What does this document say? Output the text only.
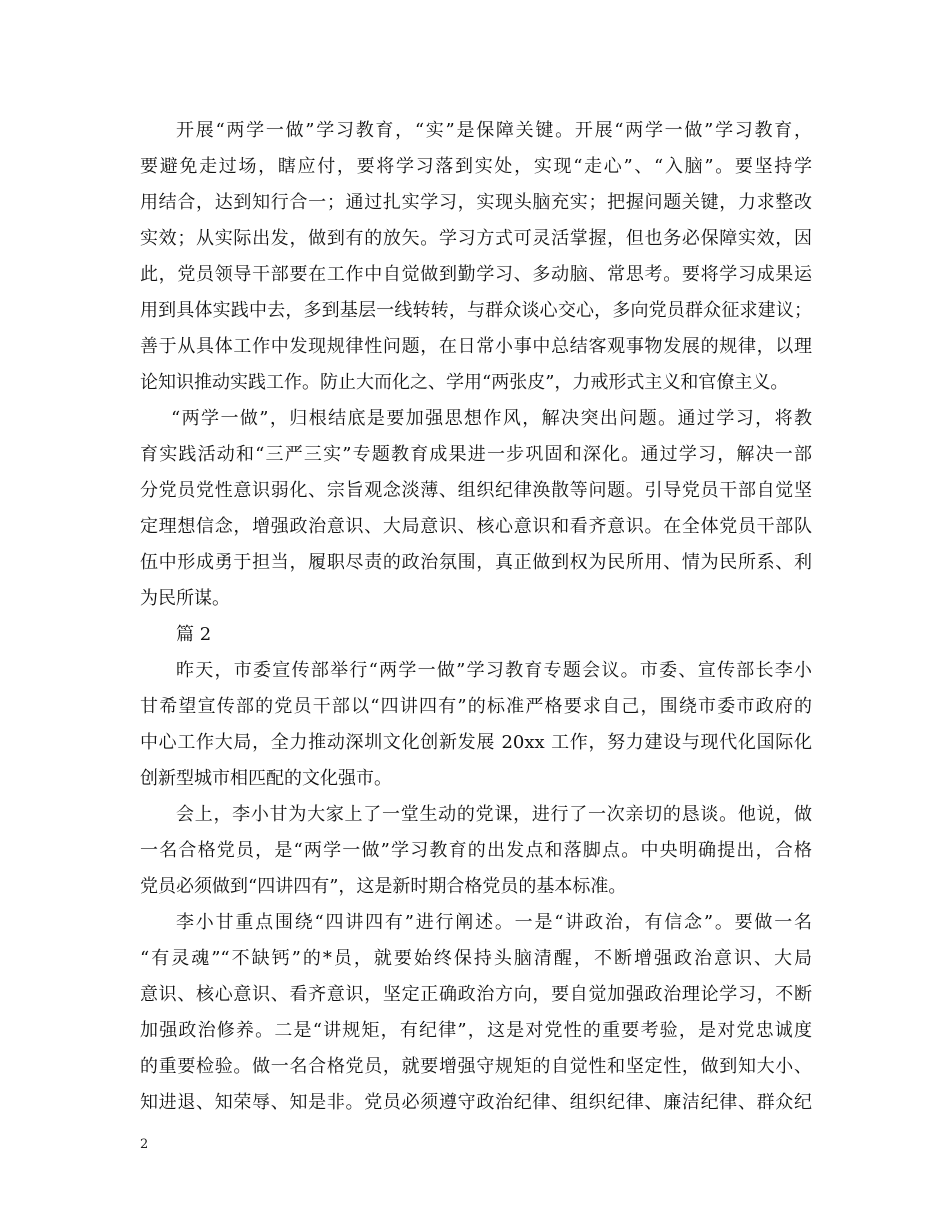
开展“两学一做”学习教育，“实”是保障关键。开展“两学一做”学习教育，
要避免走过场，瞎应付，要将学习落到实处，实现“走心”、“入脑”。要坚持学
用结合，达到知行合一；通过扎实学习，实现头脑充实；把握问题关键，力求整改
实效；从实际出发，做到有的放矢。学习方式可灵活掌握，但也务必保障实效，因
此，党员领导干部要在工作中自觉做到勤学习、多动脑、常思考。要将学习成果运
用到具体实践中去，多到基层一线转转，与群众谈心交心，多向党员群众征求建议；
善于从具体工作中发现规律性问题，在日常小事中总结客观事物发展的规律，以理
论知识推动实践工作。防止大而化之、学用“两张皮”，力戒形式主义和官僚主义。
“两学一做”，归根结底是要加强思想作风，解决突出问题。通过学习，将教
育实践活动和“三严三实”专题教育成果进一步巩固和深化。通过学习，解决一部
分党员党性意识弱化、宗旨观念淡薄、组织纪律涣散等问题。引导党员干部自觉坚
定理想信念，增强政治意识、大局意识、核心意识和看齐意识。在全体党员干部队
伍中形成勇于担当，履职尽责的政治氛围，真正做到权为民所用、情为民所系、利
为民所谋。
篇 2
昨天，市委宣传部举行“两学一做”学习教育专题会议。市委、宣传部长李小
甘希望宣传部的党员干部以“四讲四有”的标准严格要求自己，围绕市委市政府的
中心工作大局，全力推动深圳文化创新发展 20xx 工作，努力建设与现代化国际化
创新型城市相匹配的文化强市。
会上，李小甘为大家上了一堂生动的党课，进行了一次亲切的恳谈。他说，做
一名合格党员，是“两学一做”学习教育的出发点和落脚点。中央明确提出，合格
党员必须做到“四讲四有”，这是新时期合格党员的基本标准。
李小甘重点围绕“四讲四有”进行阐述。一是“讲政治，有信念”。要做一名
“有灵魂”“不缺钙”的*员，就要始终保持头脑清醒，不断增强政治意识、大局
意识、核心意识、看齐意识，坚定正确政治方向，要自觉加强政治理论学习，不断
加强政治修养。二是“讲规矩，有纪律”，这是对党性的重要考验，是对党忠诚度
的重要检验。做一名合格党员，就要增强守规矩的自觉性和坚定性，做到知大小、
知进退、知荣辱、知是非。党员必须遵守政治纪律、组织纪律、廉洁纪律、群众纪
2
